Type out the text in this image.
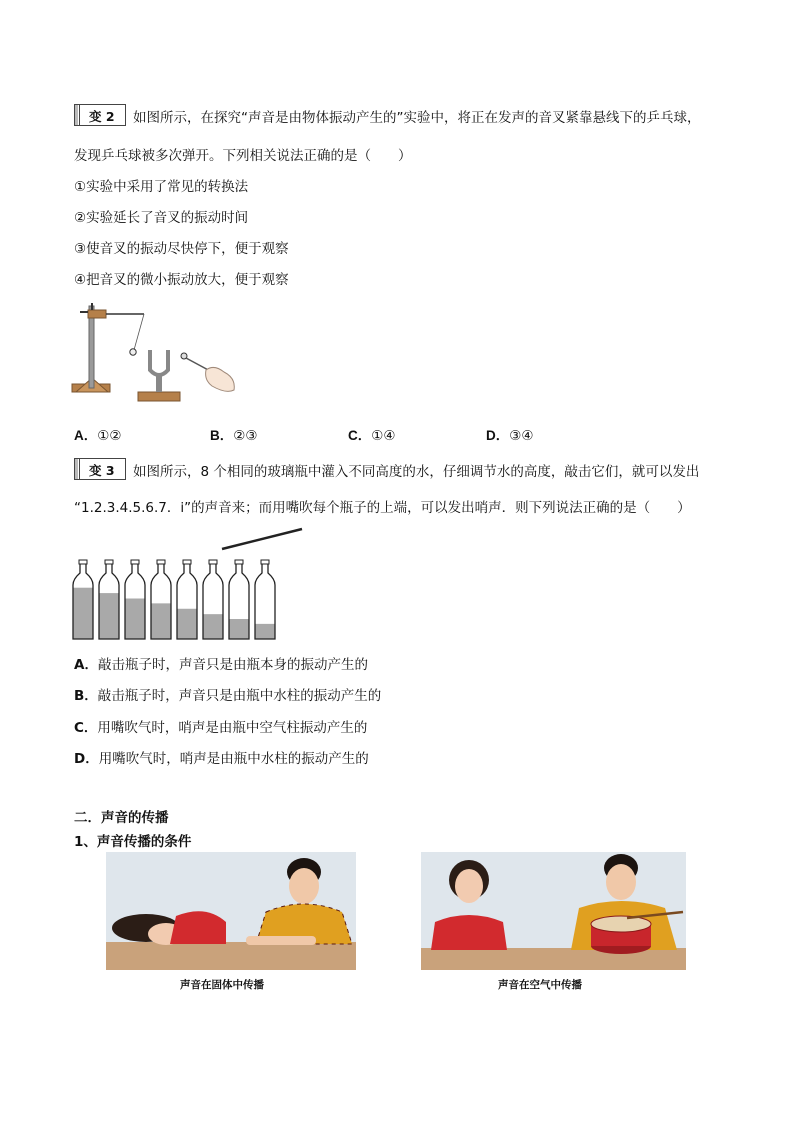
变 2 如图所示，在探究“声音是由物体振动产生的”实验中，将正在发声的音叉紧靠悬线下的乒乓球，
发现乒乓球被多次弹开。下列相关说法正确的是（　　）
①实验中采用了常见的转换法
②实验延长了音叉的振动时间
③使音叉的振动尽快停下，便于观察
④把音叉的微小振动放大，便于观察
A．①②	B．②③	C．①④	D．③④
变 3 如图所示，8 个相同的玻璃瓶中灌入不同高度的水，仔细调节水的高度，敲击它们，就可以发出
“1.2.3.4.5.6.7．i”的声音来；而用嘴吹每个瓶子的上端，可以发出哨声．则下列说法正确的是（　　）
A．敲击瓶子时，声音只是由瓶本身的振动产生的
B．敲击瓶子时，声音只是由瓶中水柱的振动产生的
C．用嘴吹气时，哨声是由瓶中空气柱振动产生的
D．用嘴吹气时，哨声是由瓶中水柱的振动产生的
二．声音的传播
1、声音传播的条件
声音在固体中传播	声音在空气中传播
